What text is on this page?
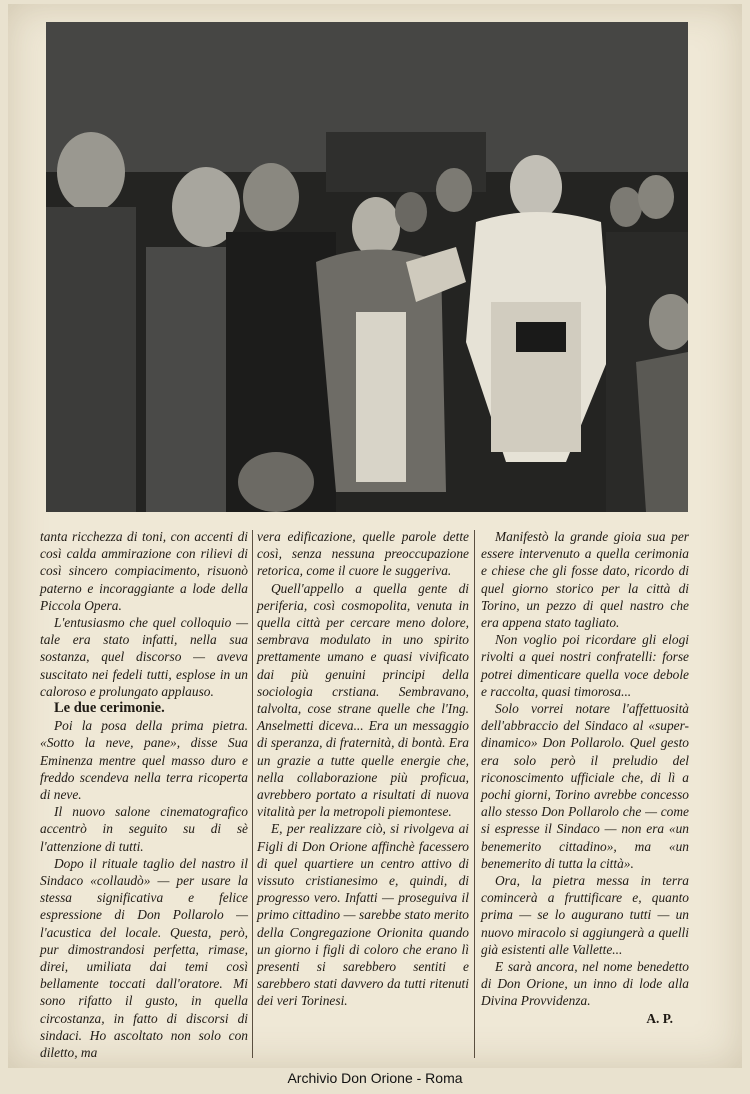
tanta ricchezza di toni, con accenti di così calda ammirazione con rilievi di così sincero compiacimento, risuonò paterno e incoraggiante a lode della Piccola Opera.

L'entusiasmo che quel colloquio — tale era stato infatti, nella sua sostanza, quel discorso — aveva suscitato nei fedeli tutti, esplose in un caloroso e prolungato applauso.

Le due cerimonie.

Poi la posa della prima pietra. «Sotto la neve, pane», disse Sua Eminenza mentre quel masso duro e freddo scendeva nella terra ricoperta di neve.

Il nuovo salone cinematografico accentrò in seguito su di sè l'attenzione di tutti.

Dopo il rituale taglio del nastro il Sindaco «collaudò» — per usare la stessa significativa e felice espressione di Don Pollarolo — l'acustica del locale. Questa, però, pur dimostrandosi perfetta, rimase, direi, umiliata dai temi così bellamente toccati dall'oratore. Mi sono rifatto il gusto, in quella circostanza, in fatto di discorsi di sindaci. Ho ascoltato non solo con diletto, ma

vera edificazione, quelle parole dette così, senza nessuna preoccupazione retorica, come il cuore le suggeriva.

Quell'appello a quella gente di periferia, così cosmopolita, venuta in quella città per cercare meno dolore, sembrava modulato in uno spirito prettamente umano e quasi vivificato dai più genuini principi della sociologia crstiana. Sembravano, talvolta, cose strane quelle che l'Ing. Anselmetti diceva... Era un messaggio di speranza, di fraternità, di bontà. Era un grazie a tutte quelle energie che, nella collaborazione più proficua, avrebbero portato a risultati di nuova vitalità per la metropoli piemontese.

E, per realizzare ciò, si rivolgeva ai Figli di Don Orione affinchè facessero di quel quartiere un centro attivo di vissuto cristianesimo e, quindi, di progresso vero. Infatti — proseguiva il primo cittadino — sarebbe stato merito della Congregazione Orionita quando un giorno i figli di coloro che erano lì presenti si sarebbero sentiti e sarebbero stati davvero da tutti ritenuti dei veri Torinesi.

Manifestò la grande gioia sua per essere intervenuto a quella cerimonia e chiese che gli fosse dato, ricordo di quel giorno storico per la città di Torino, un pezzo di quel nastro che era appena stato tagliato.

Non voglio poi ricordare gli elogi rivolti a quei nostri confratelli: forse potrei dimenticare quella voce debole e raccolta, quasi timorosa...

Solo vorrei notare l'affettuosità dell'abbraccio del Sindaco al «super-dinamico» Don Pollarolo. Quel gesto era solo però il preludio del riconoscimento ufficiale che, di lì a pochi giorni, Torino avrebbe concesso allo stesso Don Pollarolo che — come si espresse il Sindaco — non era «un benemerito cittadino», ma «un benemerito di tutta la città».

Ora, la pietra messa in terra comincerà a fruttificare e, quanto prima — se lo augurano tutti — un nuovo miracolo si aggiungerà a quelli già esistenti alle Vallette...

E sarà ancora, nel nome benedetto di Don Orione, un inno di lode alla Divina Provvidenza.

A. P.

Archivio Don Orione - Roma
